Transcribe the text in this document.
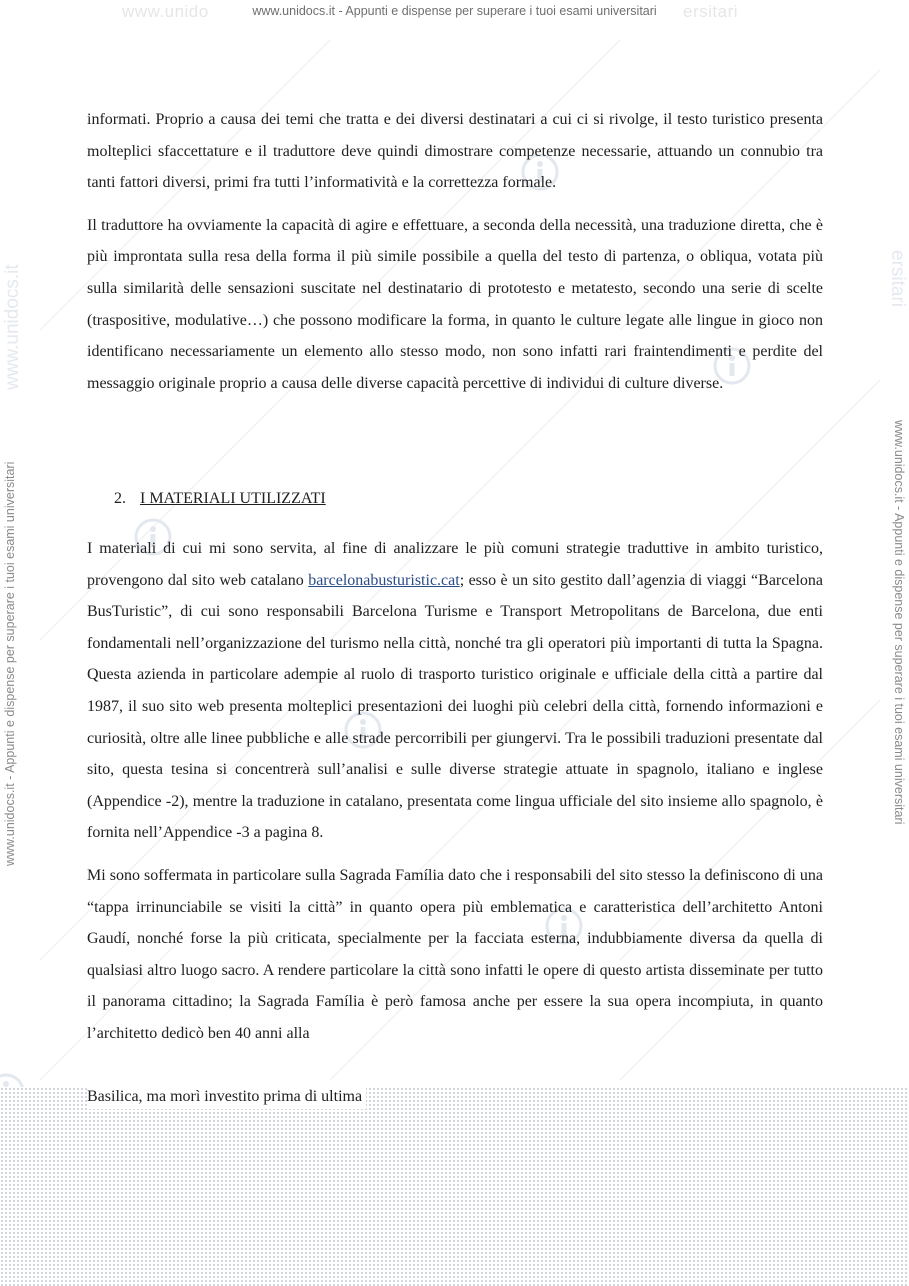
www.unido	ersitari
www.unidocs.it - Appunti e dispense per superare i tuoi esami universitari
www.unidocs.it	ersitari
www.unidocs.it - Appunti e dispense per superare i tuoi esami universitari	www.unidocs.it - Appunti e dispense per superare i tuoi esami universitari

informati. Proprio a causa dei temi che tratta e dei diversi destinatari a cui ci si rivolge, il testo turistico presenta molteplici sfaccettature e il traduttore deve quindi dimostrare competenze necessarie, attuando un connubio tra tanti fattori diversi, primi fra tutti l’informatività e la correttezza formale.

Il traduttore ha ovviamente la capacità di agire e effettuare, a seconda della necessità, una traduzione diretta, che è più improntata sulla resa della forma il più simile possibile a quella del testo di partenza, o obliqua, votata più sulla similarità delle sensazioni suscitate nel destinatario di prototesto e metatesto, secondo una serie di scelte (traspositive, modulative…) che possono modificare la forma, in quanto le culture legate alle lingue in gioco non identificano necessariamente un elemento allo stesso modo, non sono infatti rari fraintendimenti e perdite del messaggio originale proprio a causa delle diverse capacità percettive di individui di culture diverse.

2. I MATERIALI UTILIZZATI

I materiali di cui mi sono servita, al fine di analizzare le più comuni strategie traduttive in ambito turistico, provengono dal sito web catalano barcelonabusturistic.cat; esso è un sito gestito dall’agenzia di viaggi “Barcelona BusTuristic”, di cui sono responsabili Barcelona Turisme e Transport Metropolitans de Barcelona, due enti fondamentali nell’organizzazione del turismo nella città, nonché tra gli operatori più importanti di tutta la Spagna. Questa azienda in particolare adempie al ruolo di trasporto turistico originale e ufficiale della città a partire dal 1987, il suo sito web presenta molteplici presentazioni dei luoghi più celebri della città, fornendo informazioni e curiosità, oltre alle linee pubbliche e alle strade percorribili per giungervi. Tra le possibili traduzioni presentate dal sito, questa tesina si concentrerà sull’analisi e sulle diverse strategie attuate in spagnolo, italiano e inglese (Appendice -2), mentre la traduzione in catalano, presentata come lingua ufficiale del sito insieme allo spagnolo, è fornita nell’Appendice -3 a pagina 8.

Mi sono soffermata in particolare sulla Sagrada Família dato che i responsabili del sito stesso la definiscono di una “tappa irrinunciabile se visiti la città” in quanto opera più emblematica e caratteristica dell’architetto Antoni Gaudí, nonché forse la più criticata, specialmente per la facciata esterna, indubbiamente diversa da quella di qualsiasi altro luogo sacro. A rendere particolare la città sono infatti le opere di questo artista disseminate per tutto il panorama cittadino; la Sagrada Família è però famosa anche per essere la sua opera incompiuta, in quanto l’architetto dedicò ben 40 anni alla

Basilica, ma morì investito prima di ultima
